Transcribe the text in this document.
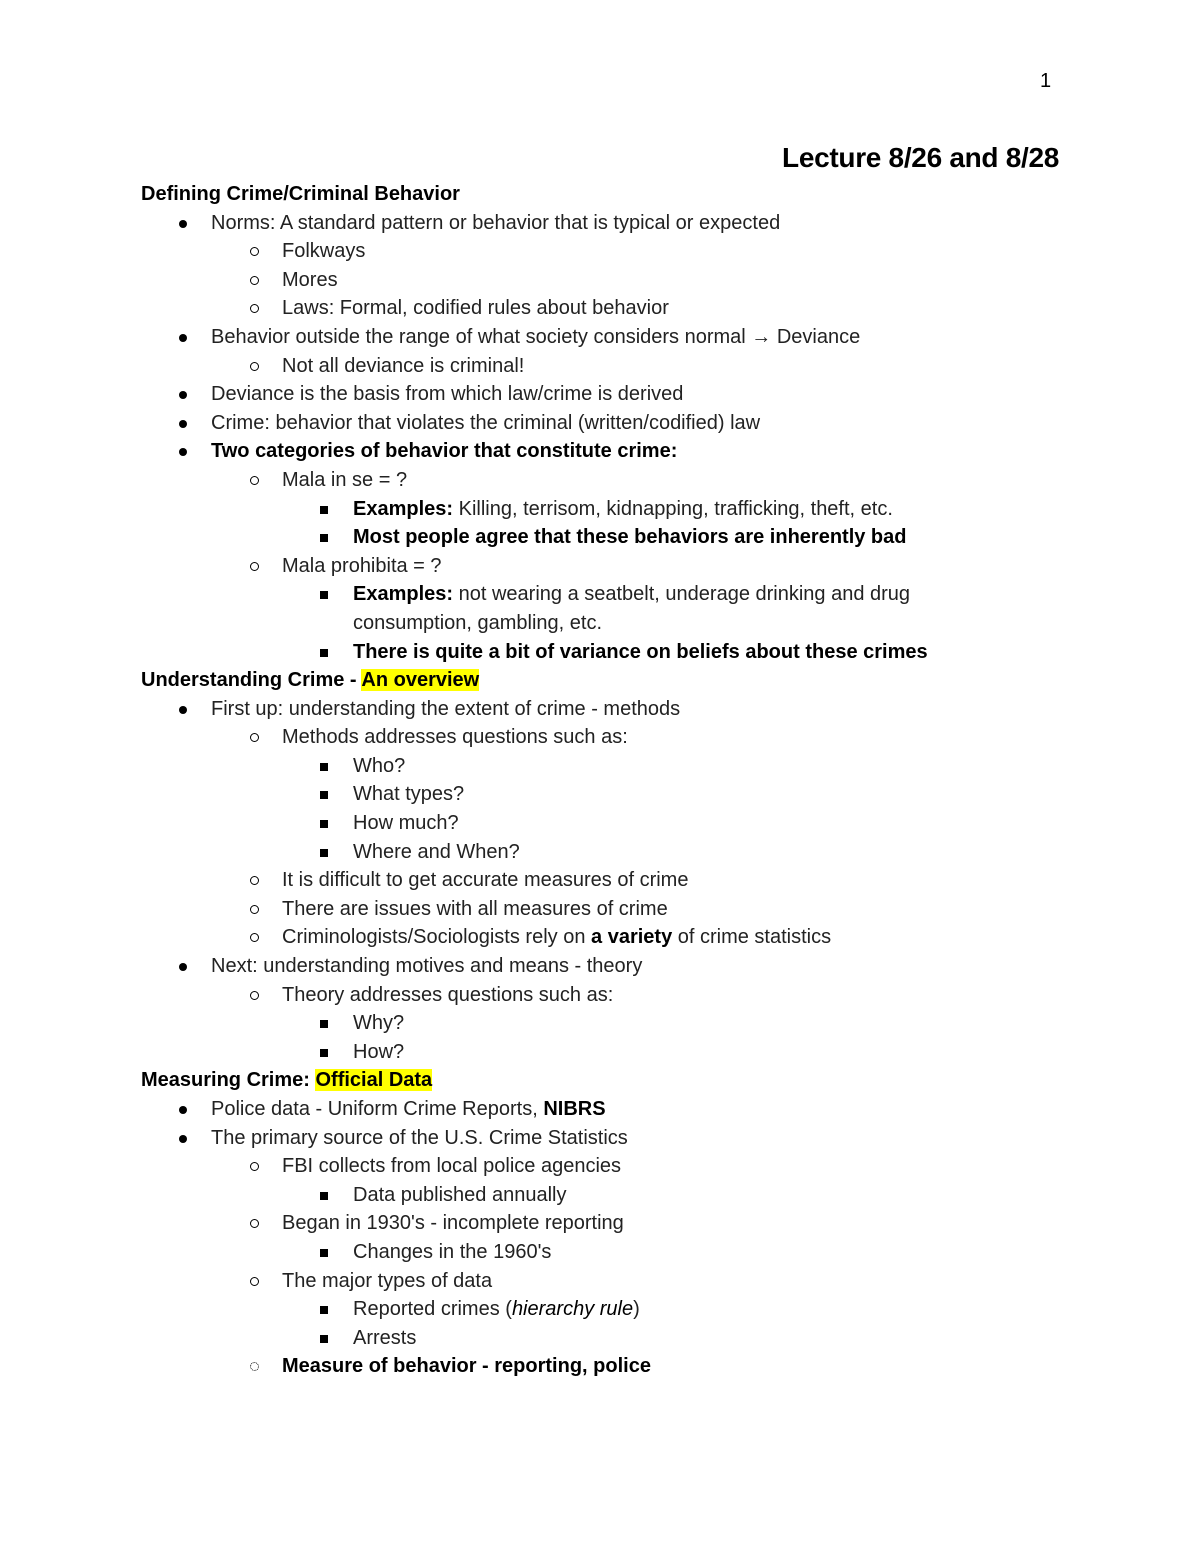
1
Lecture 8/26 and 8/28
Defining Crime/Criminal Behavior
Norms: A standard pattern or behavior that is typical or expected
Folkways
Mores
Laws: Formal, codified rules about behavior
Behavior outside the range of what society considers normal → Deviance
Not all deviance is criminal!
Deviance is the basis from which law/crime is derived
Crime: behavior that violates the criminal (written/codified) law
Two categories of behavior that constitute crime:
Mala in se = ?
Examples: Killing, terrisom, kidnapping, trafficking, theft, etc.
Most people agree that these behaviors are inherently bad
Mala prohibita = ?
Examples: not wearing a seatbelt, underage drinking and drug
consumption, gambling, etc.
There is quite a bit of variance on beliefs about these crimes
Understanding Crime - An overview
First up: understanding the extent of crime - methods
Methods addresses questions such as:
Who?
What types?
How much?
Where and When?
It is difficult to get accurate measures of crime
There are issues with all measures of crime
Criminologists/Sociologists rely on a variety of crime statistics
Next: understanding motives and means - theory
Theory addresses questions such as:
Why?
How?
Measuring Crime: Official Data
Police data - Uniform Crime Reports, NIBRS
The primary source of the U.S. Crime Statistics
FBI collects from local police agencies
Data published annually
Began in 1930's - incomplete reporting
Changes in the 1960's
The major types of data
Reported crimes (hierarchy rule)
Arrests
Measure of behavior - reporting, police
